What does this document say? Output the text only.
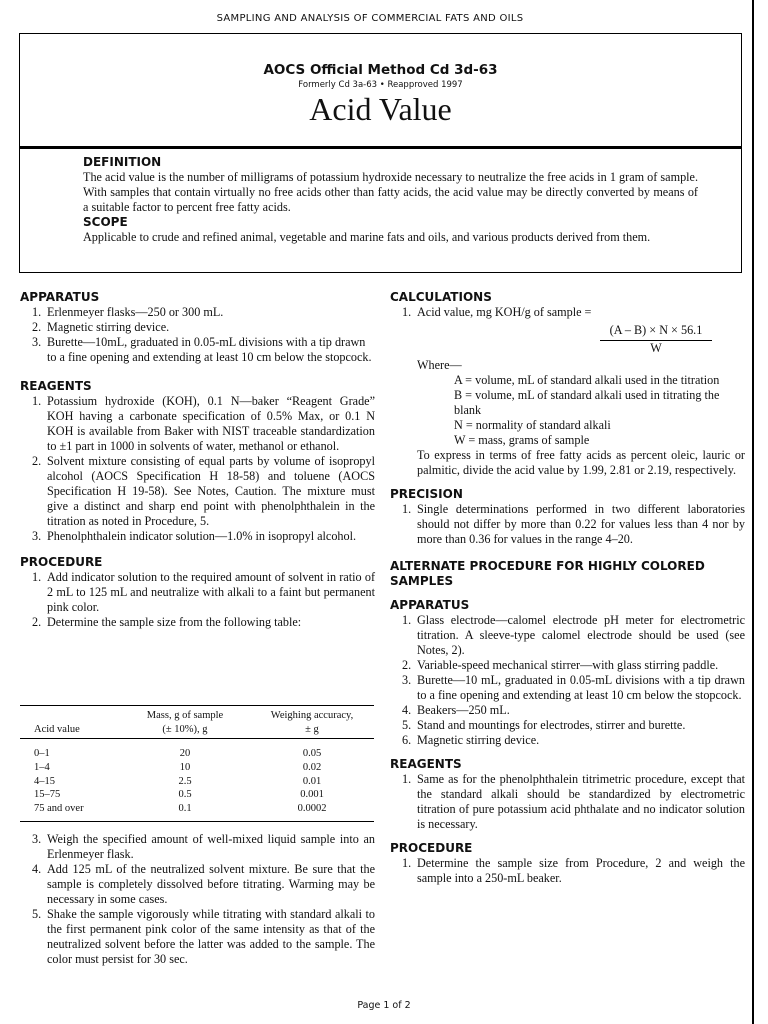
SAMPLING AND ANALYSIS OF COMMERCIAL FATS AND OILS
AOCS Official Method Cd 3d-63
Formerly Cd 3a-63 • Reapproved 1997
Acid Value
DEFINITION
The acid value is the number of milligrams of potassium hydroxide necessary to neutralize the free acids in 1 gram of sample. With samples that contain virtually no free acids other than fatty acids, the acid value may be directly converted by means of a suitable factor to percent free fatty acids.
SCOPE
Applicable to crude and refined animal, vegetable and marine fats and oils, and various products derived from them.
APPARATUS
1. Erlenmeyer flasks—250 or 300 mL.
2. Magnetic stirring device.
3. Burette—10mL, graduated in 0.05-mL divisions with a tip drawn to a fine opening and extending at least 10 cm below the stopcock.
REAGENTS
1. Potassium hydroxide (KOH), 0.1 N—baker “Reagent Grade” KOH having a carbonate specification of 0.5% Max, or 0.1 N KOH is available from Baker with NIST traceable standardization to ±1 part in 1000 in solvents of water, methanol or ethanol.
2. Solvent mixture consisting of equal parts by volume of isopropyl alcohol (AOCS Specification H 18-58) and toluene (AOCS Specification H 19-58). See Notes, Caution. The mixture must give a distinct and sharp end point with phenolphthalein in the titration as noted in Procedure, 5.
3. Phenolphthalein indicator solution—1.0% in isopropyl alcohol.
PROCEDURE
1. Add indicator solution to the required amount of solvent in ratio of 2 mL to 125 mL and neutralize with alkali to a faint but permanent pink color.
2. Determine the sample size from the following table:
Acid value
Mass, g of sample
(± 10%), g
Weighing accuracy,
± g
0–1	20	0.05
1–4	10	0.02
4–15	2.5	0.01
15–75	0.5	0.001
75 and over	0.1	0.0002
3. Weigh the specified amount of well-mixed liquid sample into an Erlenmeyer flask.
4. Add 125 mL of the neutralized solvent mixture. Be sure that the sample is completely dissolved before titrating. Warming may be necessary in some cases.
5. Shake the sample vigorously while titrating with standard alkali to the first permanent pink color of the same intensity as that of the neutralized solvent before the latter was added to the sample. The color must persist for 30 sec.
CALCULATIONS
1. Acid value, mg KOH/g of sample =
Where—
A = volume, mL of standard alkali used in the titration
B = volume, mL of standard alkali used in titrating the blank
N = normality of standard alkali
W = mass, grams of sample
To express in terms of free fatty acids as percent oleic, lauric or palmitic, divide the acid value by 1.99, 2.81 or 2.19, respectively.
PRECISION
1. Single determinations performed in two different laboratories should not differ by more than 0.22 for values less than 4 nor by more than 0.36 for values in the range 4–20.
ALTERNATE PROCEDURE FOR HIGHLY COLORED SAMPLES
APPARATUS
1. Glass electrode—calomel electrode pH meter for electrometric titration. A sleeve-type calomel electrode should be used (see Notes, 2).
2. Variable-speed mechanical stirrer—with glass stirring paddle.
3. Burette—10 mL, graduated in 0.05-mL divisions with a tip drawn to a fine opening and extending at least 10 cm below the stopcock.
4. Beakers—250 mL.
5. Stand and mountings for electrodes, stirrer and burette.
6. Magnetic stirring device.
REAGENTS
1. Same as for the phenolphthalein titrimetric procedure, except that the standard alkali should be standardized by electrometric titration of pure potassium acid phthalate and no indicator solution is necessary.
PROCEDURE
1. Determine the sample size from Procedure, 2 and weigh the sample into a 250-mL beaker.
$\frac{(A - B) \times N \times 56.1}{W}$
Page 1 of 2
